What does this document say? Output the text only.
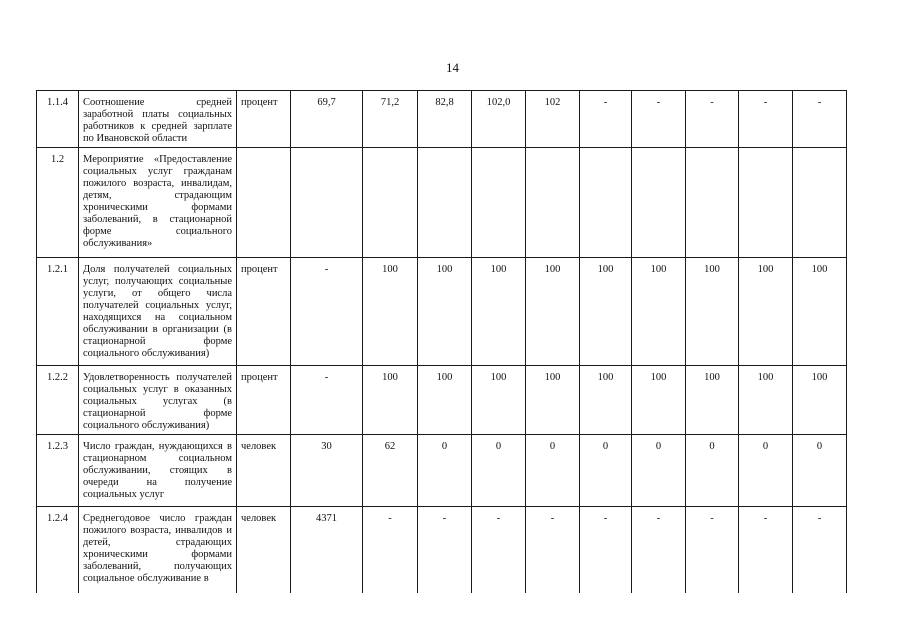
14
1.1.4	Соотношение средней заработной платы социальных работников к средней зарплате по Ивановской области	процент	69,7	71,2	82,8	102,0	102	-	-	-	-	-
1.2	Мероприятие «Предоставление социальных услуг гражданам пожилого возраста, инвалидам, детям, страдающим хроническими формами заболеваний, в стационарной форме социального обслуживания»											
1.2.1	Доля получателей социальных услуг, получающих социальные услуги, от общего числа получателей социальных услуг, находящихся на социальном обслуживании в организации (в стационарной форме социального обслуживания)	процент	-	100	100	100	100	100	100	100	100	100
1.2.2	Удовлетворенность получателей социальных услуг в оказанных социальных услугах (в стационарной форме социального обслуживания)	процент	-	100	100	100	100	100	100	100	100	100
1.2.3	Число граждан, нуждающихся в стационарном социальном обслуживании, стоящих в очереди на получение социальных услуг	человек	30	62	0	0	0	0	0	0	0	0
1.2.4	Среднегодовое число граждан пожилого возраста, инвалидов и детей, страдающих хроническими формами заболеваний, получающих социальное обслуживание в	человек	4371	-	-	-	-	-	-	-	-	-
